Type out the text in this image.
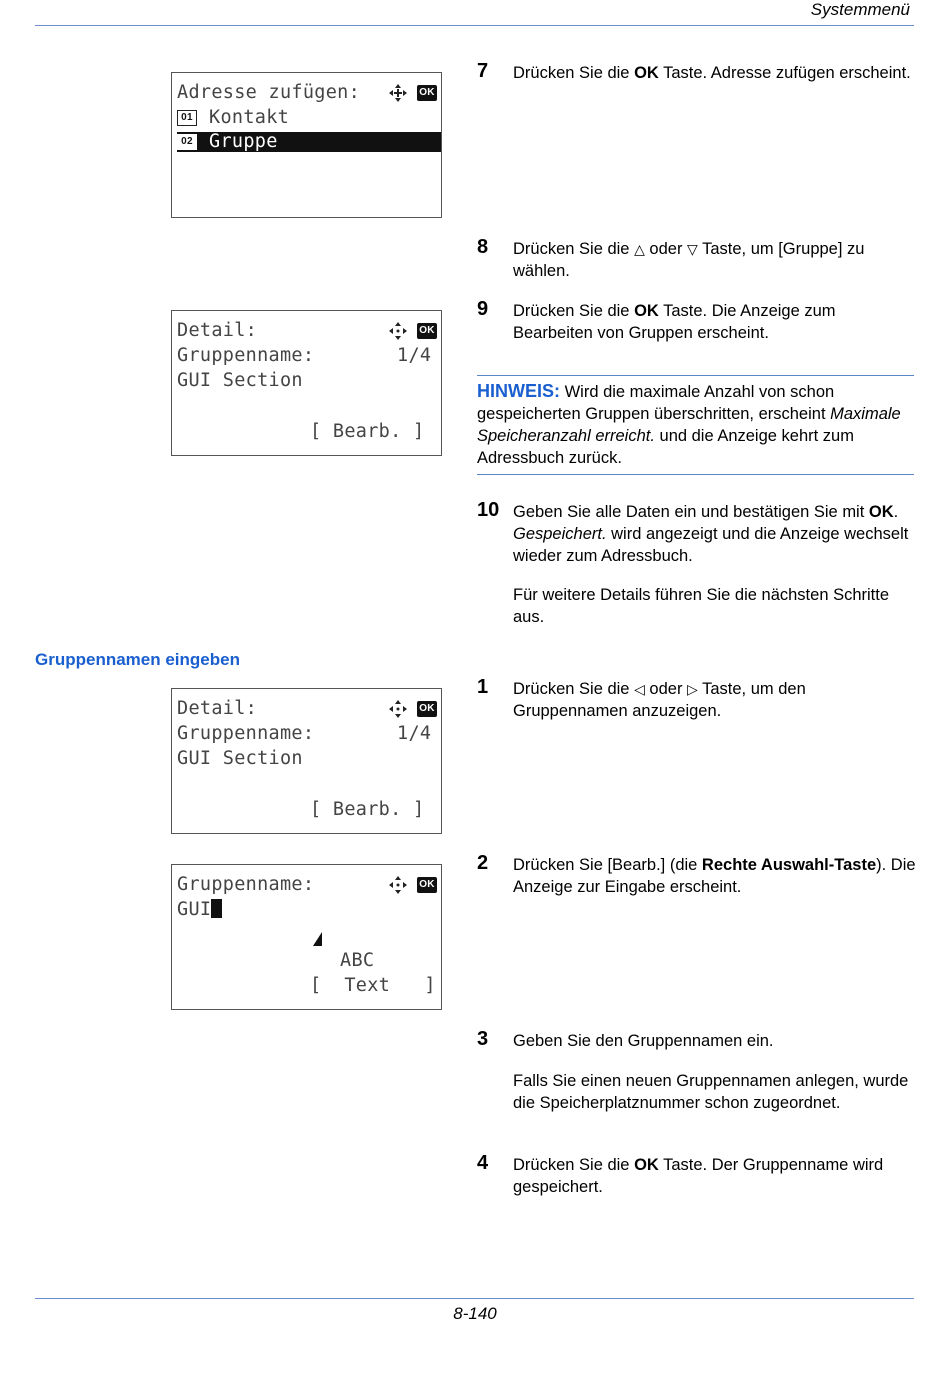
Systemmenü
Adresse zufügen:	OK
01 Kontakt
02 Gruppe
7 Drücken Sie die OK Taste. Adresse zufügen erscheint.
8 Drücken Sie die △ oder ▽ Taste, um [Gruppe] zu wählen.
9 Drücken Sie die OK Taste. Die Anzeige zum Bearbeiten von Gruppen erscheint.
Detail:	OK
Gruppenname:	1/4
GUI Section
[ Bearb. ]

HINWEIS: Wird die maximale Anzahl von schon gespeicherten Gruppen überschritten, erscheint Maximale Speicheranzahl erreicht. und die Anzeige kehrt zum Adressbuch zurück.

10 Geben Sie alle Daten ein und bestätigen Sie mit OK. Gespeichert. wird angezeigt und die Anzeige wechselt wieder zum Adressbuch.
Für weitere Details führen Sie die nächsten Schritte aus.
Gruppennamen eingeben
Detail:	OK
Gruppenname:	1/4
GUI Section
[ Bearb. ]
1 Drücken Sie die ◁ oder ▷ Taste, um den Gruppennamen anzuzeigen.
Gruppenname:	OK
GUI
ABC
[  Text   ]
2 Drücken Sie [Bearb.] (die Rechte Auswahl-Taste). Die Anzeige zur Eingabe erscheint.
3 Geben Sie den Gruppennamen ein.
Falls Sie einen neuen Gruppennamen anlegen, wurde die Speicherplatznummer schon zugeordnet.
4 Drücken Sie die OK Taste. Der Gruppenname wird gespeichert.
8-140
